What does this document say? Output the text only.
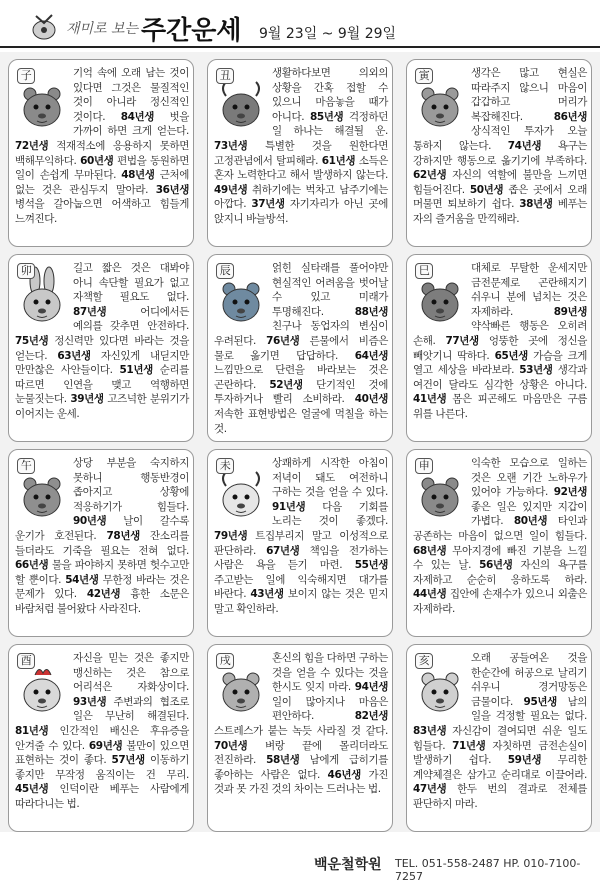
재미로 보는 주간운세 9월 23일 ~ 9월 29일
子	기억 속에 오래 남는 것이 있다면 그것은 물질적인 것이 아니라 정신적인 것이다. 84년생 벗을 가까이 하면 크게 얻는다. 72년생 적재적소에 응용하지 못하면 백해무익하다. 60년생 편법을 동원하면 일이 손쉽게 무마된다. 48년생 근처에 없는 것은 관심두지 말아라. 36년생 병석을 갈아눕으면 어색하고 힘들게 느껴진다.

丑	생활하다보면 의외의 상황을 간혹 접할 수 있으니 마음놓을 때가 아니다. 85년생 걱정하던 일 하나는 해결될 운. 73년생 특별한 것을 원한다면 고정관념에서 탈피해라. 61년생 소득은 혼자 노력한다고 해서 발생하지 않는다. 49년생 취하기에는 벅차고 남주기에는 아깝다. 37년생 자기자리가 아닌 곳에 앉지니 바늘방석.

寅	생각은 많고 현실은 따라주지 않으니 마음이 갑갑하고 머리가 복잡해진다. 86년생 상식적인 투자가 오늘 통하지 않는다. 74년생 욕구는 강하지만 행동으로 옮기기에 부족하다. 62년생 자신의 역할에 불만을 느끼면 힘들어진다. 50년생 좁은 곳에서 오래 머물면 퇴보하기 쉽다. 38년생 베푸는 자의 즐거움을 만끽해라.

卯	길고 짧은 것은 대봐야 아니 속단할 필요가 없고 자책할 필요도 없다. 87년생 어디에서든 예의를 갖추면 안전하다. 75년생 정신력만 있다면 바라는 것을 얻는다. 63년생 자신있게 내딛지만 만만찮은 사안들이다. 51년생 순리를 따르면 인연을 맺고 역행하면 눈물짓는다. 39년생 고즈넉한 분위기가 이어지는 운세.

辰	얽힌 실타래를 풀어야만 현실적인 어려움을 벗어날 수 있고 미래가 투명해진다. 88년생 친구나 동업자의 변심이 우려된다. 76년생 른물에서 비즘은 물로 옮기면 답답하다. 64년생 느낌만으로 단련을 바라보는 것은 곤란하다. 52년생 단기적인 것에 투자하거나 빨리 소비하라. 40년생 저속한 표현방법은 얼굴에 먹칠을 하는 것.

巳	대체로 무탈한 운세지만 금전문제로 곤란해지기 쉬우니 분에 넘치는 것은 자제하라. 89년생 약삭빠른 행동은 오히려 손해. 77년생 엉뚱한 곳에 정신을 빼앗기니 딱하다. 65년생 가슴을 크게 열고 세상을 바라보라. 53년생 생각과 여건이 달라도 심각한 상황은 아니다. 41년생 몸은 피곤해도 마음만은 구름 위를 나른다.

午	상당 부분을 숙지하지 못하니 행동반경이 좁아지고 상황에 적응하기가 힘들다. 90년생 날이 갈수록 운기가 호전된다. 78년생 잔소리를 들더라도 기죽을 필요는 전혀 없다. 66년생 물을 파야하지 못하면 헛수고만 할 뿐이다. 54년생 무한정 바라는 것은 문제가 있다. 42년생 흉한 소문은 바람처럼 불어왔다 사라진다.

未	상쾌하게 시작한 아침이 저녁이 돼도 여전하니 구하는 것을 얻을 수 있다. 91년생 다음 기회를 노리는 것이 좋겠다. 79년생 트집부리지 말고 이성적으로 판단하라. 67년생 책임을 전가하는 사람은 욕을 듣기 마련. 55년생 주고받는 일에 익숙해지면 대가를 바란다. 43년생 보이지 않는 것은 믿지 말고 확인하라.

申	익숙한 모습으로 일하는 것은 오랜 기간 노하우가 있어야 가능하다. 92년생 좋은 일은 있지만 지갑이 가볍다. 80년생 타인과 공존하는 마음이 없으면 일이 힘들다. 68년생 무아지경에 빠진 기분을 느낄 수 있는 날. 56년생 자신의 욕구를 자제하고 순순히 응하도록 하라. 44년생 집안에 손재수가 있으니 외출은 자제하라.

酉	자신을 믿는 것은 좋지만 맹신하는 것은 참으로 어리석은 자화상이다. 93년생 주변과의 협조로 일은 무난히 해결된다. 81년생 인간적인 배신은 후유증을 안겨줄 수 있다. 69년생 불만이 있으면 표현하는 것이 좋다. 57년생 이동하기 좋지만 무작정 움직이는 건 무리. 45년생 인덕이란 베푸는 사람에게 따라다니는 법.

戌	혼신의 힘을 다하면 구하는 것을 얻을 수 있다는 것을 한시도 잊지 마라. 94년생 일이 많아지나 마음은 편안하다. 82년생 스트레스가 붙는 녹듯 사라질 것 같다. 70년생 벼랑 끝에 몰리더라도 전진하라. 58년생 남에게 급히기를 좋아하는 사람은 없다. 46년생 가진 것과 못 가진 것의 차이는 드러나는 법.

亥	오래 공들여온 것을 한순간에 허공으로 날리기 쉬우니 경거망동은 금물이다. 95년생 남의 일을 걱정할 필요는 없다. 83년생 자신감이 결여되면 쉬운 일도 힘들다. 71년생 자칫하면 금전손실이 발생하기 쉽다. 59년생 무리한 계약체결은 삼가고 순리대로 이끌어라. 47년생 한두 번의 결과로 전체를 판단하지 마라.

백운철학원 TEL. 051-558-2487 HP. 010-7100-7257
